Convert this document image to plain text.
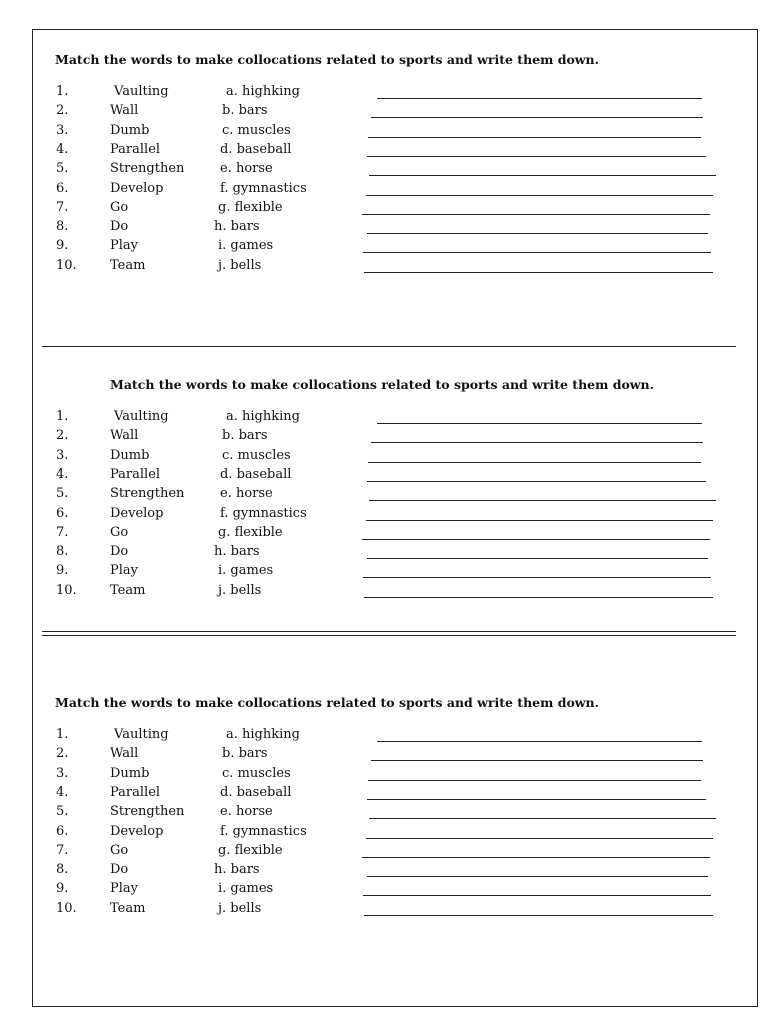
Match the words to make collocations related to sports and write them down.
1.	Vaulting	a. highking
2.	Wall	b. bars
3.	Dumb	c. muscles
4.	Parallel	d. baseball
5.	Strengthen	e. horse
6.	Develop	f. gymnastics
7.	Go	g. flexible
8.	Do	h. bars
9.	Play	i. games
10.	Team	j. bells
Match the words to make collocations related to sports and write them down.
1.	Vaulting	a. highking
2.	Wall	b. bars
3.	Dumb	c. muscles
4.	Parallel	d. baseball
5.	Strengthen	e. horse
6.	Develop	f. gymnastics
7.	Go	g. flexible
8.	Do	h. bars
9.	Play	i. games
10.	Team	j. bells
Match the words to make collocations related to sports and write them down.
1.	Vaulting	a. highking
2.	Wall	b. bars
3.	Dumb	c. muscles
4.	Parallel	d. baseball
5.	Strengthen	e. horse
6.	Develop	f. gymnastics
7.	Go	g. flexible
8.	Do	h. bars
9.	Play	i. games
10.	Team	j. bells
